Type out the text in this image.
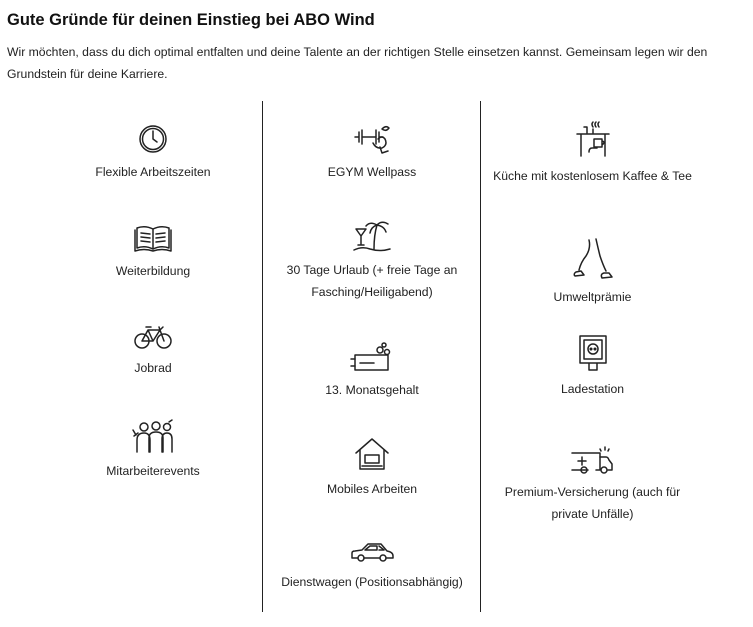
Gute Gründe für deinen Einstieg bei ABO Wind

Wir möchten, dass du dich optimal entfalten und deine Talente an der richtigen Stelle einsetzen kannst. Gemeinsam legen wir den Grundstein für deine Karriere.

Flexible Arbeitszeiten
Weiterbildung
Jobrad
Mitarbeiterevents
EGYM Wellpass
30 Tage Urlaub (+ freie Tage an Fasching/Heiligabend)
13. Monatsgehalt
Mobiles Arbeiten
Dienstwagen (Positionsabhängig)
Küche mit kostenlosem Kaffee & Tee
Umweltprämie
Ladestation
Premium-Versicherung (auch für private Unfälle)
